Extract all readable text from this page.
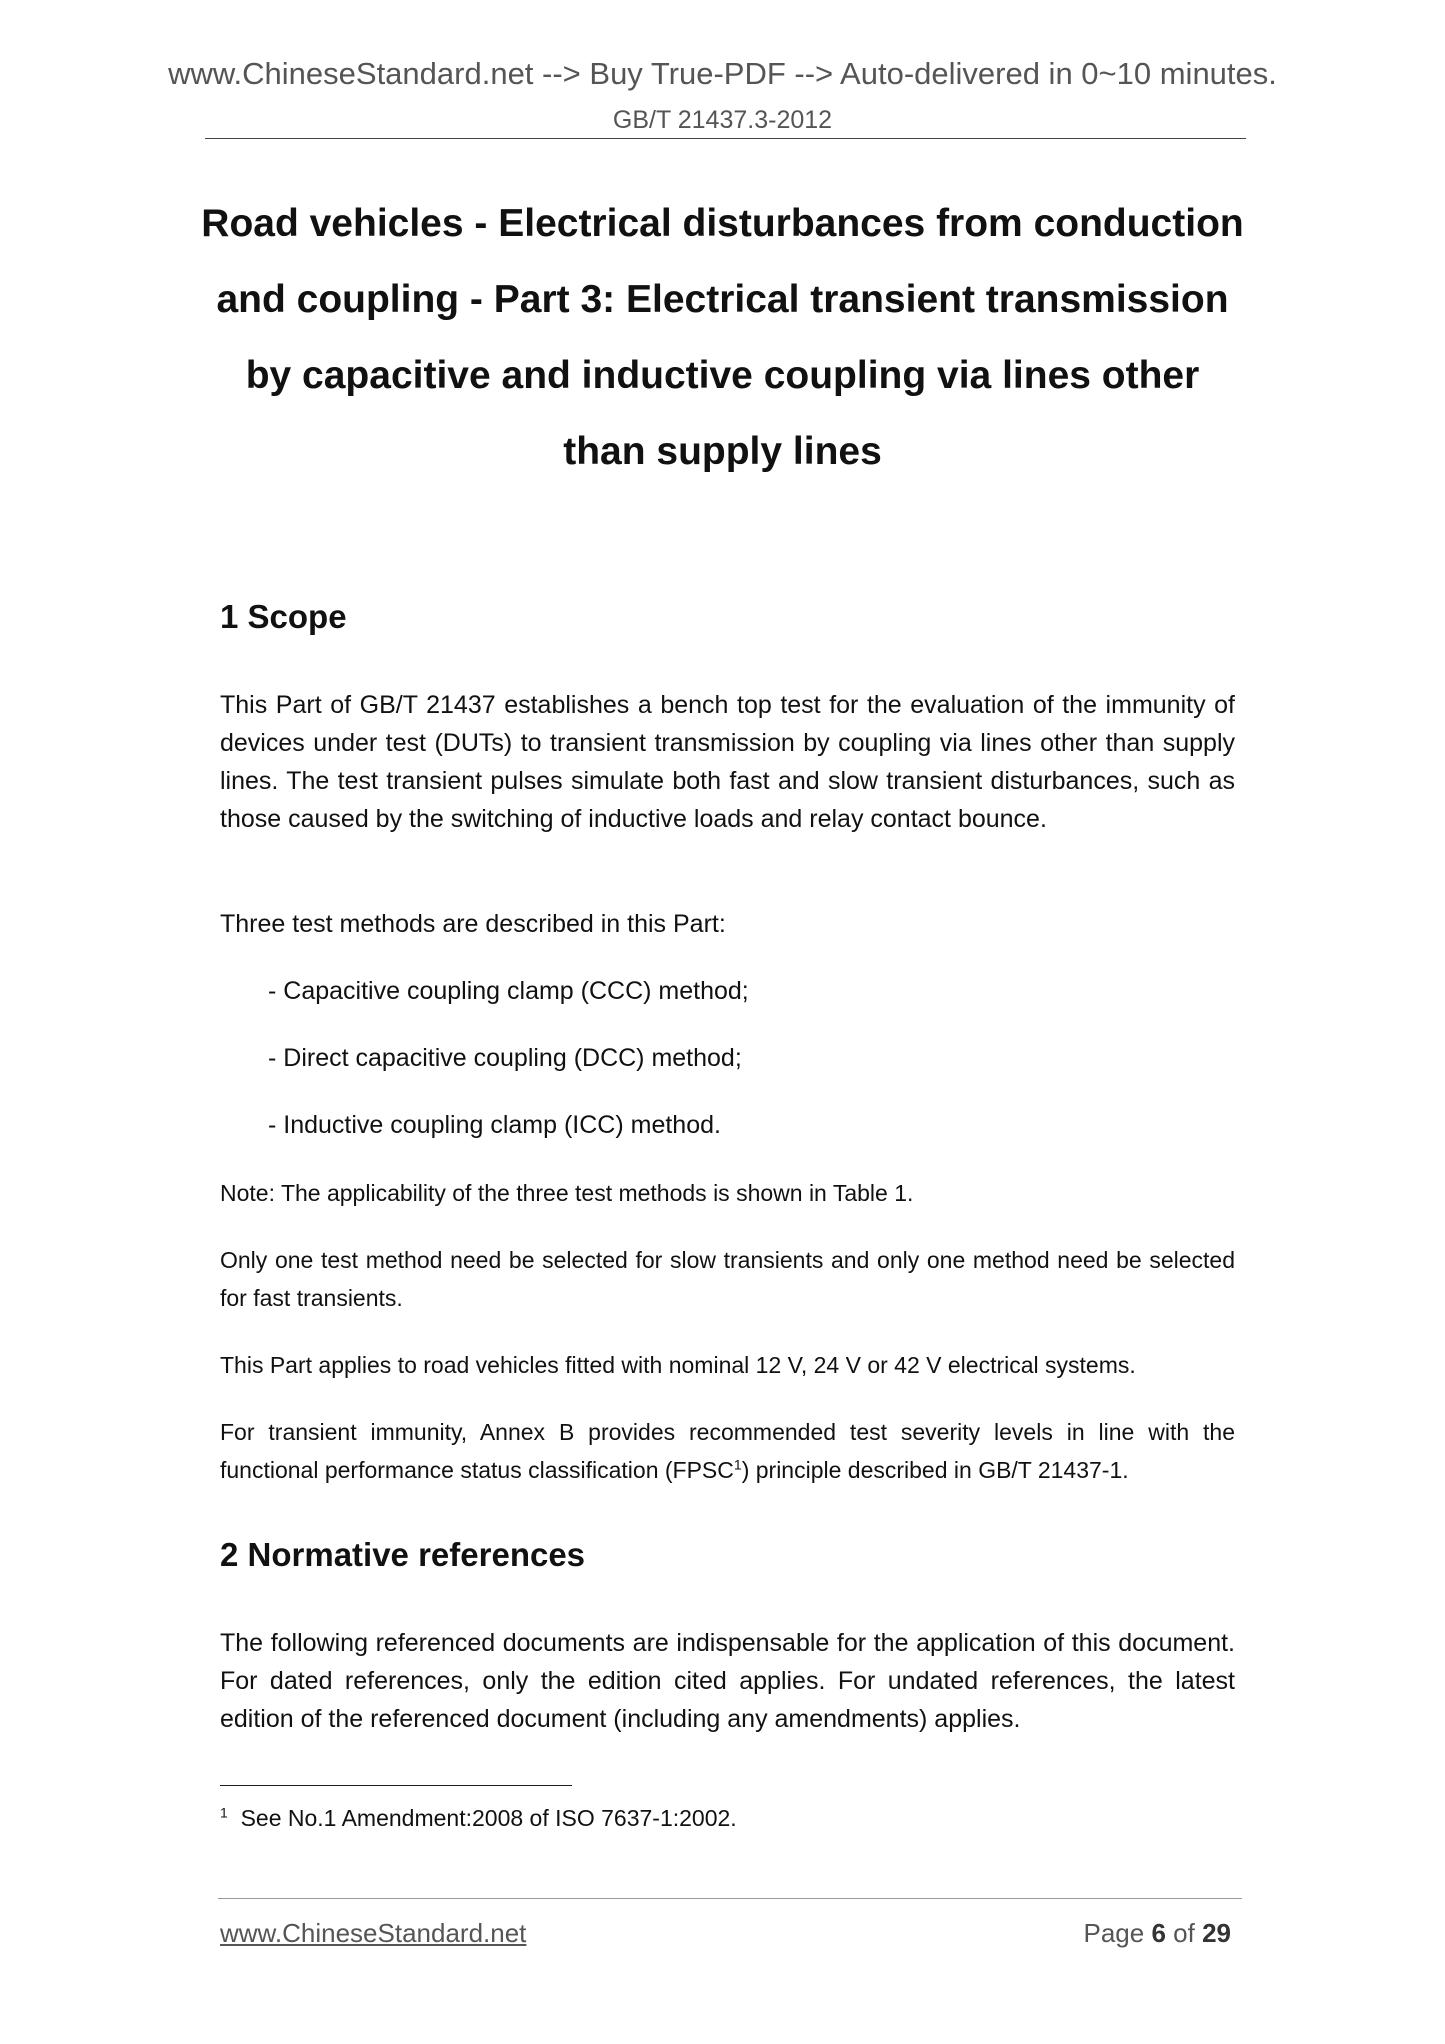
www.ChineseStandard.net --> Buy True-PDF --> Auto-delivered in 0~10 minutes.
GB/T 21437.3-2012
Road vehicles - Electrical disturbances from conduction and coupling - Part 3: Electrical transient transmission by capacitive and inductive coupling via lines other than supply lines
1 Scope
This Part of GB/T 21437 establishes a bench top test for the evaluation of the immunity of devices under test (DUTs) to transient transmission by coupling via lines other than supply lines. The test transient pulses simulate both fast and slow transient disturbances, such as those caused by the switching of inductive loads and relay contact bounce.
Three test methods are described in this Part:
- Capacitive coupling clamp (CCC) method;
- Direct capacitive coupling (DCC) method;
- Inductive coupling clamp (ICC) method.
Note: The applicability of the three test methods is shown in Table 1.
Only one test method need be selected for slow transients and only one method need be selected for fast transients.
This Part applies to road vehicles fitted with nominal 12 V, 24 V or 42 V electrical systems.
For transient immunity, Annex B provides recommended test severity levels in line with the functional performance status classification (FPSC$^1$) principle described in GB/T 21437-1.
2 Normative references
The following referenced documents are indispensable for the application of this document. For dated references, only the edition cited applies. For undated references, the latest edition of the referenced document (including any amendments) applies.
$^1$ See No.1 Amendment:2008 of ISO 7637-1:2002.
www.ChineseStandard.net	Page 6 of 29
